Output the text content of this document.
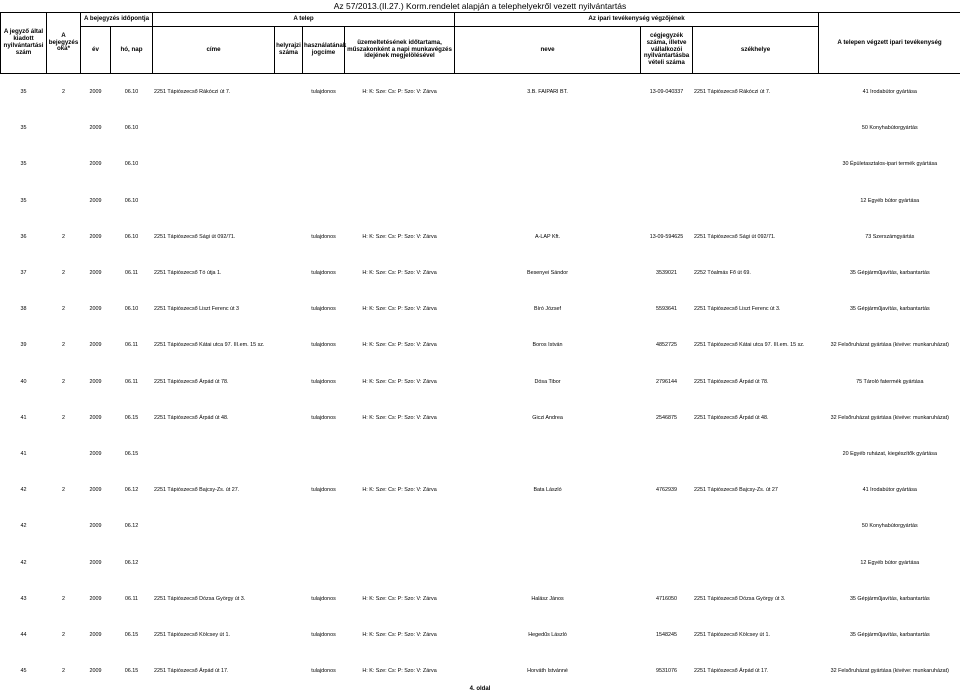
Az 57/2013.(II.27.) Korm.rendelet alapján a telephelyekről vezett nyilvántartás
A jegyző által kiadott nyilvántartási szám	A bejegyzés oka*	A bejegyzés időpontja		A telep				Az ipari tevékenység végzőjének			A telepen végzett ipari tevékenység
		év	hó, nap	címe	helyrajzi száma	használatának jogcíme	üzemeltetésének időtartama, műszakonként a napi munkavégzés idejének megjelölésével	neve	cégjegyzék száma, illetve vállalkozói nyilvántartásba vételi száma	székhelye	
35	2	2009	06.10	2251 Tápiószecső Rákóczi út 7.		tulajdonos	H: K: Sze: Cs: P: Szo: V: Zárva	3.B. FAIPARI BT.	13-09-040337	2251 Tápiószecső Rákóczi út 7.	41 Irodabútor gyártása
35		2009	06.10								50 Konyhabútorgyártás
35		2009	06.10								30 Épületasztalos-ipari termék gyártása
35		2009	06.10								12 Egyéb bútor gyártása
36	2	2009	06.10	2251 Tápiószecső Sági út 092/71.		tulajdonos	H: K: Sze: Cs: P: Szo: V: Zárva	A-LAP Kft.	13-09-594625	2251 Tápiószecső Sági út 092/71.	73 Szerszámgyártás
37	2	2009	06.11	2251 Tápiószecső Tó útja 1.		tulajdonos	H: K: Sze: Cs: P: Szo: V: Zárva	Besenyei Sándor	3539021	2252 Tóalmás Fő út 69.	35 Gépjárműjavítás, karbantartás
38	2	2009	06.10	2251 Tápiószecső Liszt Ferenc út 3		tulajdonos	H: K: Sze: Cs: P: Szo: V: Zárva	Bíró József	5593641	2251 Tápiószecső Liszt Ferenc út 3.	35 Gépjárműjavítás, karbantartás
39	2	2009	06.11	2251 Tápiószecső Kátai utca 97. III.em. 15 sz.		tulajdonos	H: K: Sze: Cs: P: Szo: V: Zárva	Boros István	4852725	2251 Tápiószecső Kátai utca 97. III.em. 15 sz.	32 Felsőruházat gyártása (kivéve: munkaruházat)
40	2	2009	06.11	2251 Tápiószecső Árpád út 78.		tulajdonos	H: K: Sze: Cs: P: Szo: V: Zárva	Dósa Tibor	2796144	2251 Tápiószecső Árpád út 78.	75 Tároló fatermék gyártása
41	2	2009	06.15	2251 Tápiószecső Árpád út 48.		tulajdonos	H: K: Sze: Cs: P: Szo: V: Zárva	Giczi Andrea	2546875	2251 Tápiószecső Árpád út 48.	32 Felsőruházat gyártása (kivéve: munkaruházat)
41		2009	06.15								20 Egyéb ruházat, kiegészítők gyártása
42	2	2009	06.12	2251 Tápiószecső Bajcsy-Zs. út 27.		tulajdonos	H: K: Sze: Cs: P: Szo: V: Zárva	Bata László	4762939	2251 Tápiószecső Bajcsy-Zs. út 27	41 Irodabútor gyártása
42		2009	06.12								50 Konyhabútorgyártás
42		2009	06.12								12 Egyéb bútor gyártása
43	2	2009	06.11	2251 Tápiószecső Dózsa György út 3.		tulajdonos	H: K: Sze: Cs: P: Szo: V: Zárva	Halász János	4716050	2251 Tápiószecső Dózsa György út 3.	35 Gépjárműjavítás, karbantartás
44	2	2009	06.15	2251 Tápiószecső Kölcsey út 1.		tulajdonos	H: K: Sze: Cs: P: Szo: V: Zárva	Hegedűs László	1548245	2251 Tápiószecső Kölcsey út 1.	35 Gépjárműjavítás, karbantartás
45	2	2009	06.15	2251 Tápiószecső Árpád út 17.		tulajdonos	H: K: Sze: Cs: P: Szo: V: Zárva	Horváth Istvánné	9531076	2251 Tápiószecső Árpád út 17.	32 Felsőruházat gyártása (kivéve: munkaruházat)
4. oldal
